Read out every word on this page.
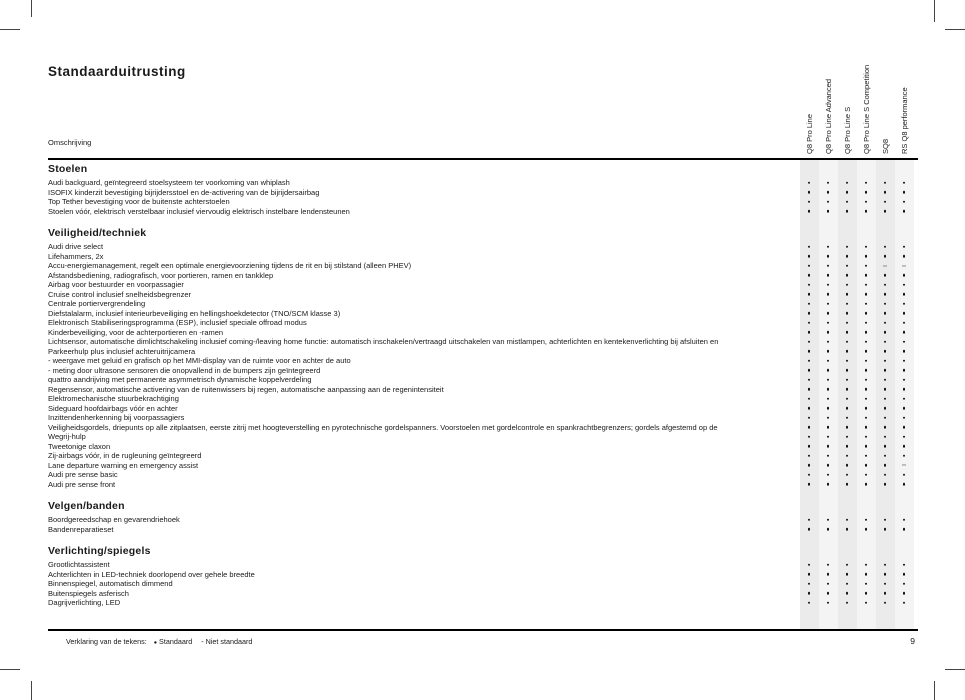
Standaarduitrusting
Omschrijving	Q8 Pro Line Q8 Pro Line Advanced Q8 Pro Line S Q8 Pro Line S Competition SQ8 RS Q8 performance
Stoelen
Audi backguard, geïntegreerd stoelsysteem ter voorkoming van whiplash
ISOFIX kinderzit bevestiging bijrijdersstoel en de-activering van de bijrijdersairbag
Top Tether bevestiging voor de buitenste achterstoelen
Stoelen vóór, elektrisch verstelbaar inclusief viervoudig elektrisch instelbare lendensteunen
Veiligheid/techniek
Audi drive select
Lifehammers, 2x
Accu-energiemanagement, regelt een optimale energievoorziening tijdens de rit en bij stilstand (alleen PHEV)
Afstandsbediening, radiografisch, voor portieren, ramen en tankklep
Airbag voor bestuurder en voorpassagier
Cruise control inclusief snelheidsbegrenzer
Centrale portiervergrendeling
Diefstalalarm, inclusief interieurbeveiliging en hellingshoekdetector (TNO/SCM klasse 3)
Elektronisch Stabiliseringsprogramma (ESP), inclusief speciale offroad modus
Kinderbeveiliging, voor de achterportieren en -ramen
Lichtsensor, automatische dimlichtschakeling inclusief coming-/leaving home functie: automatisch inschakelen/vertraagd uitschakelen van mistlampen, achterlichten en kentekenverlichting bij afsluiten en
Parkeerhulp plus inclusief achteruitrijcamera
- weergave met geluid en grafisch op het MMI-display van de ruimte voor en achter de auto
- meting door ultrasone sensoren die onopvallend in de bumpers zijn geïntegreerd
quattro aandrijving met permanente asymmetrisch dynamische koppelverdeling
Regensensor, automatische activering van de ruitenwissers bij regen, automatische aanpassing aan de regenintensiteit
Elektromechanische stuurbekrachtiging
Sideguard hoofdairbags vóór en achter
Inzittendenherkenning bij voorpassagiers
Veiligheidsgordels, driepunts op alle zitplaatsen, eerste zitrij met hoogteverstelling en pyrotechnische gordelspanners. Voorstoelen met gordelcontrole en spankrachtbegrenzers; gordels afgestemd op de
Wegrij-hulp
Tweetonige claxon
Zij-airbags vóór, in de rugleuning geïntegreerd
Lane departure warning en emergency assist
Audi pre sense basic
Audi pre sense front
Velgen/banden
Boordgereedschap en gevarendriehoek
Bandenreparatieset
Verlichting/spiegels
Grootlichtassistent
Achterlichten in LED-techniek doorlopend over gehele breedte
Binnenspiegel, automatisch dimmend
Buitenspiegels asferisch
Dagrijverlichting, LED
Verklaring van de tekens: ● Standaard - Niet standaard	9
